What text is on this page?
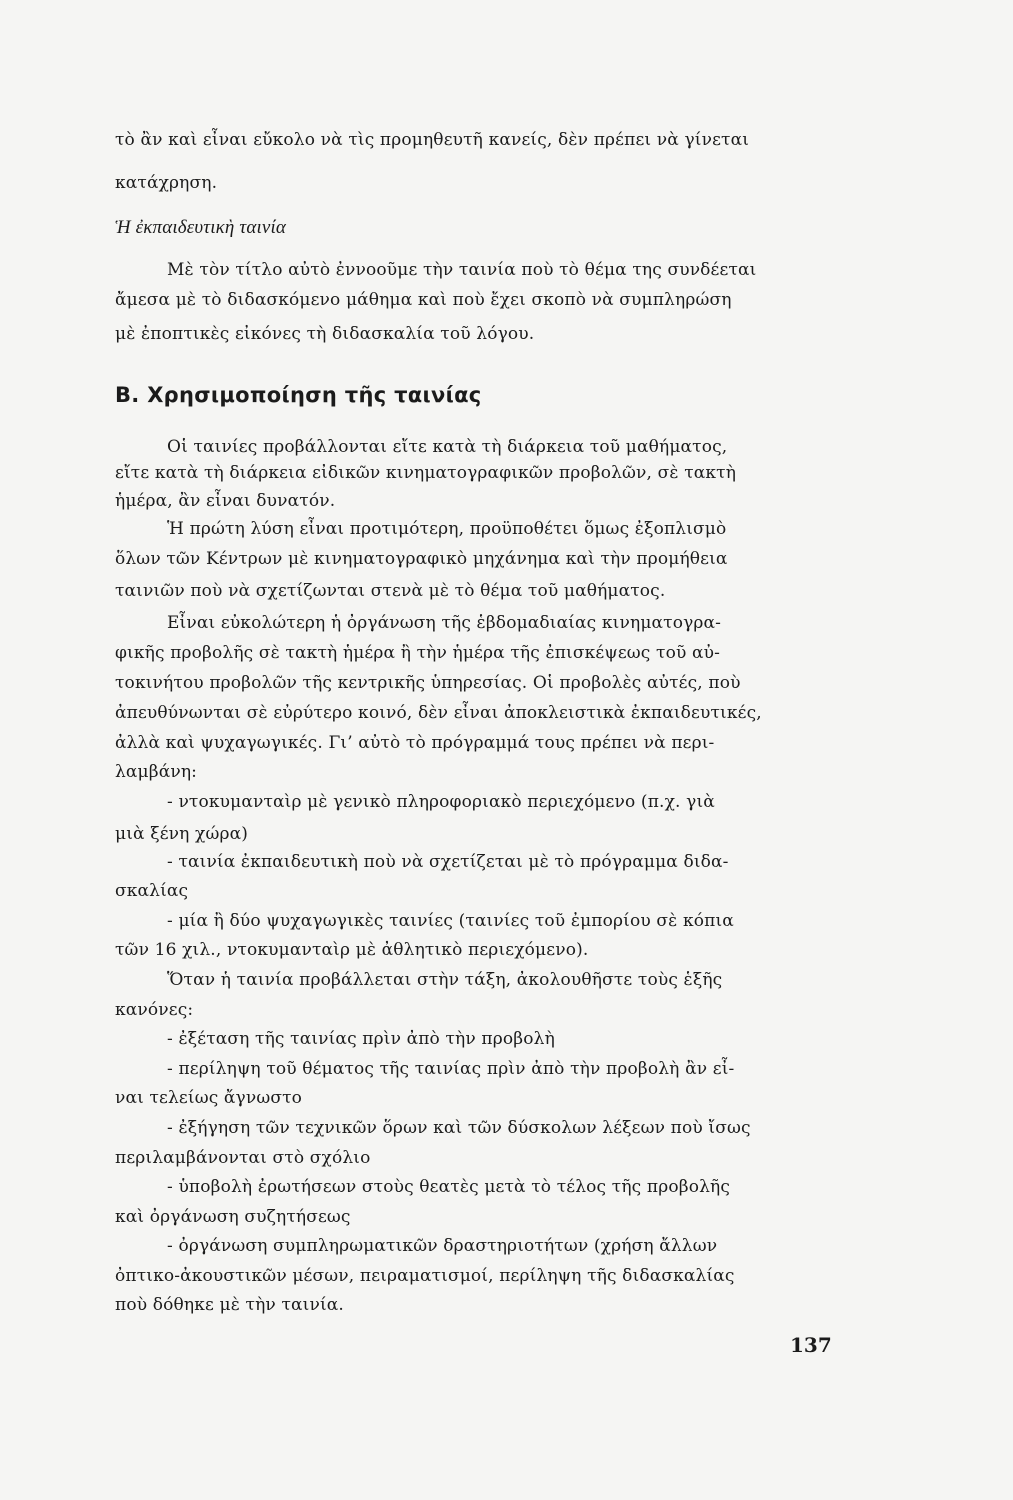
τὸ ἂν καὶ εἶναι εὔκολο νὰ τὶς προμηθευτῆ κανείς, δὲν πρέπει νὰ γίνεται
κατάχρηση.
Ἡ ἐκπαιδευτικὴ ταινία
Μὲ τὸν τίτλο αὐτὸ ἐννοοῦμε τὴν ταινία ποὺ τὸ θέμα της συνδέεται
ἄμεσα μὲ τὸ διδασκόμενο μάθημα καὶ ποὺ ἔχει σκοπὸ νὰ συμπληρώση
μὲ ἐποπτικὲς εἰκόνες τὴ διδασκαλία τοῦ λόγου.
B. Χρησιμοποίηση τῆς ταινίας
Οἱ ταινίες προβάλλονται εἴτε κατὰ τὴ διάρκεια τοῦ μαθήματος,
εἴτε κατὰ τὴ διάρκεια εἰδικῶν κινηματογραφικῶν προβολῶν, σὲ τακτὴ
ἡμέρα, ἂν εἶναι δυνατόν.
Ἡ πρώτη λύση εἶναι προτιμότερη, προϋποθέτει ὅμως ἐξοπλισμὸ
ὅλων τῶν Κέντρων μὲ κινηματογραφικὸ μηχάνημα καὶ τὴν προμήθεια
ταινιῶν ποὺ νὰ σχετίζωνται στενὰ μὲ τὸ θέμα τοῦ μαθήματος.
Εἶναι εὐκολώτερη ἡ ὀργάνωση τῆς ἑβδομαδιαίας κινηματογρα-
φικῆς προβολῆς σὲ τακτὴ ἡμέρα ἢ τὴν ἡμέρα τῆς ἐπισκέψεως τοῦ αὐ-
τοκινήτου προβολῶν τῆς κεντρικῆς ὑπηρεσίας. Οἱ προβολὲς αὐτές, ποὺ
ἀπευθύνωνται σὲ εὐρύτερο κοινό, δὲν εἶναι ἀποκλειστικὰ ἐκπαιδευτικές,
ἀλλὰ καὶ ψυχαγωγικές. Γι’ αὐτὸ τὸ πρόγραμμά τους πρέπει νὰ περι-
λαμβάνη:
- ντοκυμανταὶρ μὲ γενικὸ πληροφοριακὸ περιεχόμενο (π.χ. γιὰ
μιὰ ξένη χώρα)
- ταινία ἐκπαιδευτικὴ ποὺ νὰ σχετίζεται μὲ τὸ πρόγραμμα διδα-
σκαλίας
- μία ἢ δύο ψυχαγωγικὲς ταινίες (ταινίες τοῦ ἐμπορίου σὲ κόπια
τῶν 16 χιλ., ντοκυμανταὶρ μὲ ἀθλητικὸ περιεχόμενο).
Ὅταν ἡ ταινία προβάλλεται στὴν τάξη, ἀκολουθῆστε τοὺς ἑξῆς
κανόνες:
- ἐξέταση τῆς ταινίας πρὶν ἀπὸ τὴν προβολὴ
- περίληψη τοῦ θέματος τῆς ταινίας πρὶν ἀπὸ τὴν προβολὴ ἂν εἶ-
ναι τελείως ἄγνωστο
- ἐξήγηση τῶν τεχνικῶν ὅρων καὶ τῶν δύσκολων λέξεων ποὺ ἴσως
περιλαμβάνονται στὸ σχόλιο
- ὑποβολὴ ἐρωτήσεων στοὺς θεατὲς μετὰ τὸ τέλος τῆς προβολῆς
καὶ ὀργάνωση συζητήσεως
- ὀργάνωση συμπληρωματικῶν δραστηριοτήτων (χρήση ἄλλων
ὀπτικο-ἀκουστικῶν μέσων, πειραματισμοί, περίληψη τῆς διδασκαλίας
ποὺ δόθηκε μὲ τὴν ταινία.
137
